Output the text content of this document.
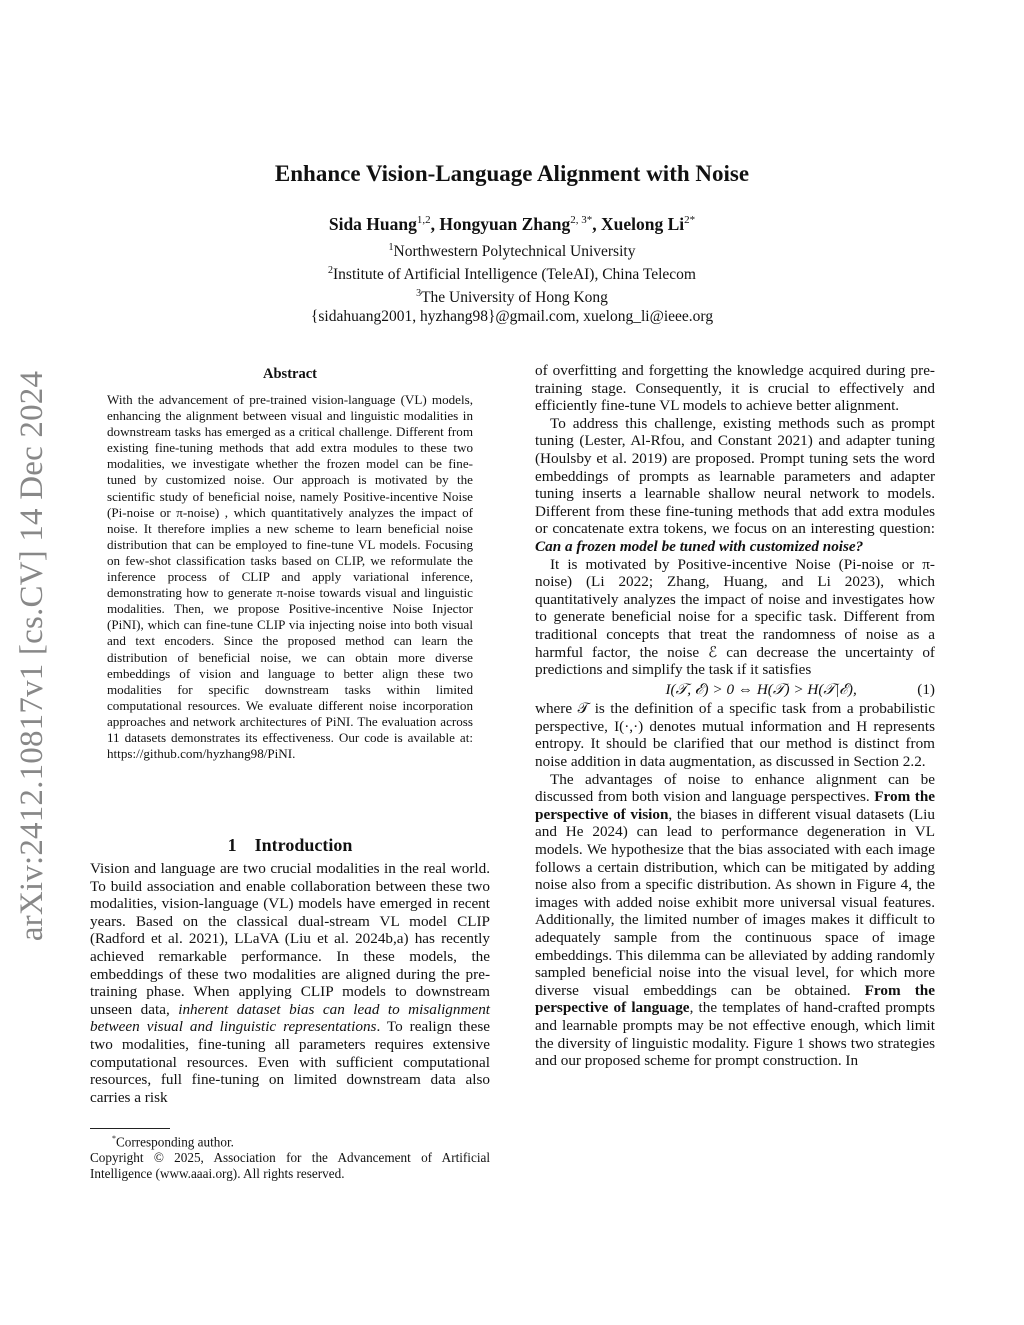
arXiv:2412.10817v1 [cs.CV] 14 Dec 2024
Enhance Vision-Language Alignment with Noise
Sida Huang$^{1,2}$, Hongyuan Zhang$^{2, 3*}$, Xuelong $Li^{2*}$
$^1$Northwestern Polytechnical University
$^2$Institute of Artificial Intelligence (TeleAI), China Telecom
$^3$The University of Hong Kong
{sidahuang2001, hyzhang98}@gmail.com, xuelong_li@ieee.org
Abstract
With the advancement of pre-trained vision-language (VL) models, enhancing the alignment between visual and linguistic modalities in downstream tasks has emerged as a critical challenge. Different from existing fine-tuning methods that add extra modules to these two modalities, we investigate whether the frozen model can be fine-tuned by customized noise. Our approach is motivated by the scientific study of beneficial noise, namely Positive-incentive Noise (Pi-noise or π-noise) , which quantitatively analyzes the impact of noise. It therefore implies a new scheme to learn beneficial noise distribution that can be employed to fine-tune VL models. Focusing on few-shot classification tasks based on CLIP, we reformulate the inference process of CLIP and apply variational inference, demonstrating how to generate π-noise towards visual and linguistic modalities. Then, we propose Positive-incentive Noise Injector (PiNI), which can fine-tune CLIP via injecting noise into both visual and text encoders. Since the proposed method can learn the distribution of beneficial noise, we can obtain more diverse embeddings of vision and language to better align these two modalities for specific downstream tasks within limited computational resources. We evaluate different noise incorporation approaches and network architectures of PiNI. The evaluation across 11 datasets demonstrates its effectiveness. Our code is available at: https://github.com/hyzhang98/PiNI.
1 Introduction

Vision and language are two crucial modalities in the real world. To build association and enable collaboration between these two modalities, vision-language (VL) models have emerged in recent years. Based on the classical dual-stream VL model CLIP (Radford et al. 2021), LLaVA (Liu et al. 2024b,a) has recently achieved remarkable performance. In these models, the embeddings of these two modalities are aligned during the pre-training phase. When applying CLIP models to downstream unseen data, inherent dataset bias can lead to misalignment between visual and linguistic representations. To realign these two modalities, fine-tuning all parameters requires extensive computational resources. Even with sufficient computational resources, full fine-tuning on limited downstream data also carries a risk

*Corresponding author.
Copyright © 2025, Association for the Advancement of Artificial Intelligence (www.aaai.org). All rights reserved.

of overfitting and forgetting the knowledge acquired during pre-training stage. Consequently, it is crucial to effectively and efficiently fine-tune VL models to achieve better alignment.

To address this challenge, existing methods such as prompt tuning (Lester, Al-Rfou, and Constant 2021) and adapter tuning (Houlsby et al. 2019) are proposed. Prompt tuning sets the word embeddings of prompts as learnable parameters and adapter tuning inserts a learnable shallow neural network to models. Different from these fine-tuning methods that add extra modules or concatenate extra tokens, we focus on an interesting question: Can a frozen model be tuned with customized noise?

It is motivated by Positive-incentive Noise (Pi-noise or π-noise) (Li 2022; Zhang, Huang, and Li 2023), which quantitatively analyzes the impact of noise and investigates how to generate beneficial noise for a specific task. Different from traditional concepts that treat the randomness of noise as a harmful factor, the noise ℰ can decrease the uncertainty of predictions and simplify the task if it satisfies

I(𝒯, ℰ) > 0 ⇔ H(𝒯) > H(𝒯|ℰ),	(1)

where 𝒯 is the definition of a specific task from a probabilistic perspective, I(·,·) denotes mutual information and H represents entropy. It should be clarified that our method is distinct from noise addition in data augmentation, as discussed in Section 2.2.

The advantages of noise to enhance alignment can be discussed from both vision and language perspectives. From the perspective of vision, the biases in different visual datasets (Liu and He 2024) can lead to performance degeneration in VL models. We hypothesize that the bias associated with each image follows a certain distribution, which can be mitigated by adding noise also from a specific distribution. As shown in Figure 4, the images with added noise exhibit more universal visual features. Additionally, the limited number of images makes it difficult to adequately sample from the continuous space of image embeddings. This dilemma can be alleviated by adding randomly sampled beneficial noise into the visual level, for which more diverse visual embeddings can be obtained. From the perspective of language, the templates of hand-crafted prompts and learnable prompts may be not effective enough, which limit the diversity of linguistic modality. Figure 1 shows two strategies and our proposed scheme for prompt construction. In
